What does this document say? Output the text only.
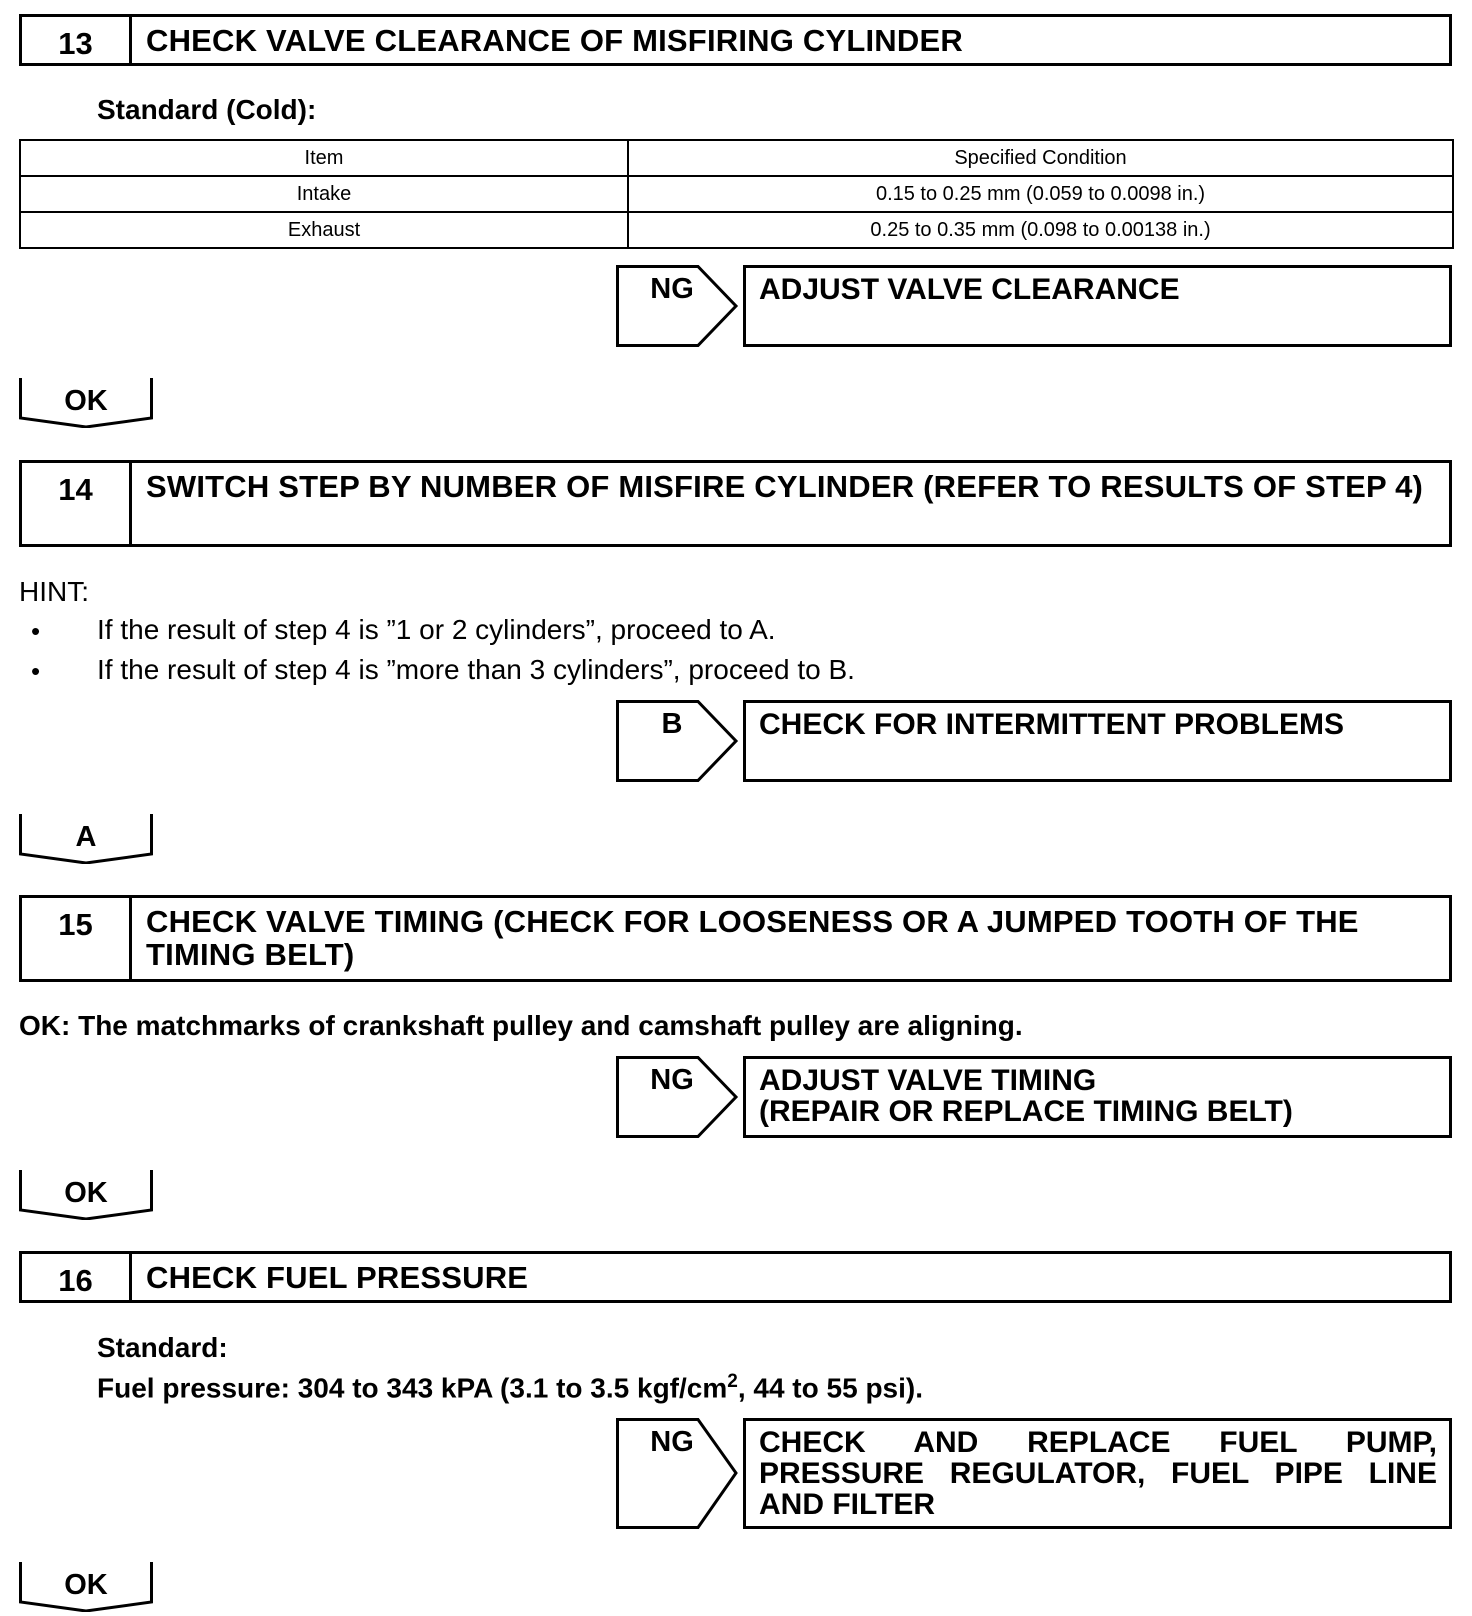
13	CHECK VALVE CLEARANCE OF MISFIRING CYLINDER
Standard (Cold):
Item	Specified Condition
Intake	0.15 to 0.25 mm (0.059 to 0.0098 in.)
Exhaust	0.25 to 0.35 mm (0.098 to 0.00138 in.)
NG	ADJUST VALVE CLEARANCE
OK
14	SWITCH STEP BY NUMBER OF MISFIRE CYLINDER (REFER TO RESULTS OF STEP 4)
HINT:
• If the result of step 4 is ”1 or 2 cylinders”, proceed to A.
• If the result of step 4 is ”more than 3 cylinders”, proceed to B.
B	CHECK FOR INTERMITTENT PROBLEMS
A
15	CHECK VALVE TIMING (CHECK FOR LOOSENESS OR A JUMPED TOOTH OF THE TIMING BELT)
OK: The matchmarks of crankshaft pulley and camshaft pulley are aligning.
NG	ADJUST VALVE TIMING
(REPAIR OR REPLACE TIMING BELT)
OK
16	CHECK FUEL PRESSURE
Standard:
Fuel pressure: 304 to 343 kPA (3.1 to 3.5 kgf/$cm^2$, 44 to 55 psi).
NG	CHECK AND REPLACE FUEL PUMP, PRESSURE REGULATOR, FUEL PIPE LINE AND FILTER
OK
